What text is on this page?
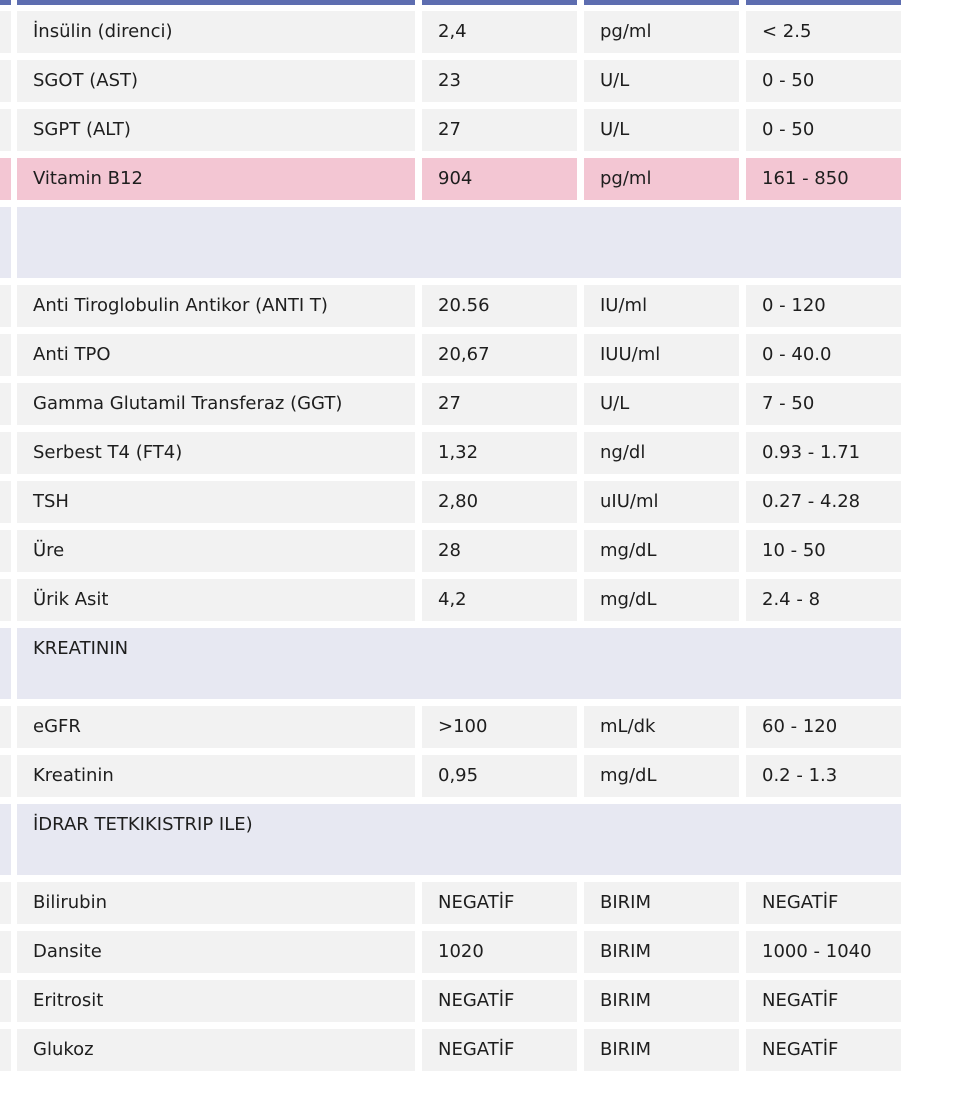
İnsülin (direnci)	2,4	pg/ml	< 2.5
SGOT (AST)	23	U/L	0 - 50
SGPT (ALT)	27	U/L	0 - 50
Vitamin B12	904	pg/ml	161 - 850
Anti Tiroglobulin Antikor (ANTI T)	20.56	IU/ml	0 - 120
Anti TPO	20,67	IUU/ml	0 - 40.0
Gamma Glutamil Transferaz (GGT)	27	U/L	7 - 50
Serbest T4 (FT4)	1,32	ng/dl	0.93 - 1.71
TSH	2,80	uIU/ml	0.27 - 4.28
Üre	28	mg/dL	10 - 50
Ürik Asit	4,2	mg/dL	2.4 - 8
KREATININ
eGFR	>100	mL/dk	60 - 120
Kreatinin	0,95	mg/dL	0.2 - 1.3
İDRAR TETKIKISTRIP ILE)
Bilirubin	NEGATİF	BIRIM	NEGATİF
Dansite	1020	BIRIM	1000 - 1040
Eritrosit	NEGATİF	BIRIM	NEGATİF
Glukoz	NEGATİF	BIRIM	NEGATİF
